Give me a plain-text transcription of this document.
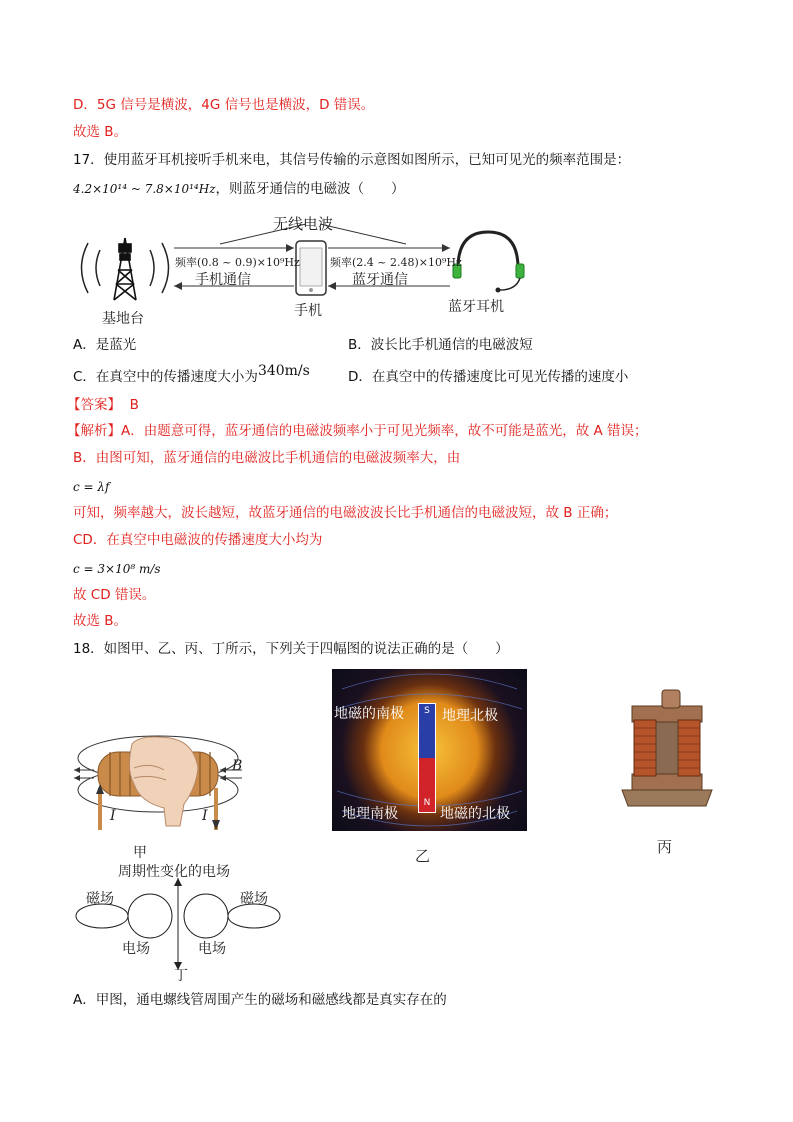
D．5G 信号是横波，4G 信号也是横波，D 错误。
故选 B。
17．使用蓝牙耳机接听手机来电，其信号传输的示意图如图所示，已知可见光的频率范围是：
4.2×10¹⁴ ~ 7.8×10¹⁴Hz，则蓝牙通信的电磁波（　　）
无线电波
频率(0.8 ~ 0.9)×10⁹Hz
手机通信
频率(2.4 ~ 2.48)×10⁹Hz
蓝牙通信
基地台	手机	蓝牙耳机
A．是蓝光	B．波长比手机通信的电磁波短
C．在真空中的传播速度大小为340m/s	D．在真空中的传播速度比可见光传播的速度小
【答案】 B
【解析】A．由题意可得，蓝牙通信的电磁波频率小于可见光频率，故不可能是蓝光，故 A 错误；
B．由图可知，蓝牙通信的电磁波比手机通信的电磁波频率大，由
c = λf
可知，频率越大，波长越短，故蓝牙通信的电磁波波长比手机通信的电磁波短，故 B 正确；
CD．在真空中电磁波的传播速度大小均为
c = 3×10⁸ m/s
故 CD 错误。
故选 B。
18．如图甲、乙、丙、丁所示，下列关于四幅图的说法正确的是（　　）
B
I	I
甲
S
N
地磁的南极	地理北极
地理南极	地磁的北极
乙	丙
周期性变化的电场
磁场	磁场
电场	电场
丁
A．甲图，通电螺线管周围产生的磁场和磁感线都是真实存在的
